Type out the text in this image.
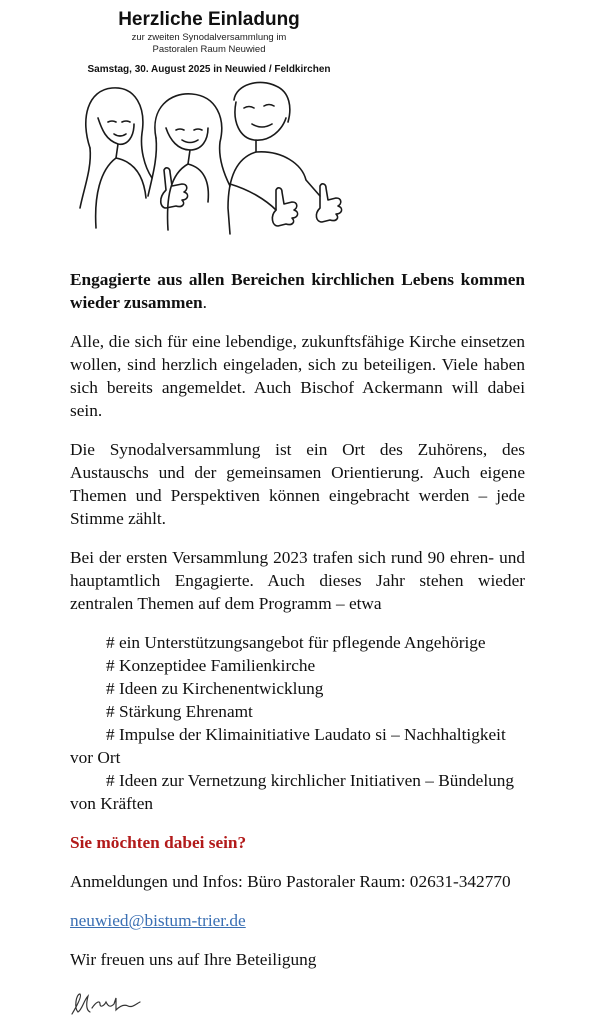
Herzliche Einladung
zur zweiten Synodalversammlung im
Pastoralen Raum Neuwied
Samstag, 30. August 2025 in Neuwied / Feldkirchen

Engagierte aus allen Bereichen kirchlichen Lebens kommen wieder zusammen.

Alle, die sich für eine lebendige, zukunftsfähige Kirche einsetzen wollen, sind herzlich eingeladen, sich zu beteiligen. Viele haben sich bereits angemeldet. Auch Bischof Ackermann will dabei sein.

Die Synodalversammlung ist ein Ort des Zuhörens, des Austauschs und der gemeinsamen Orientierung. Auch eigene Themen und Perspektiven können eingebracht werden – jede Stimme zählt.

Bei der ersten Versammlung 2023 trafen sich rund 90 ehren- und hauptamtlich Engagierte. Auch dieses Jahr stehen wieder zentralen Themen auf dem Programm – etwa

# ein Unterstützungsangebot für pflegende Angehörige
# Konzeptidee Familienkirche
# Ideen zu Kirchenentwicklung
# Stärkung Ehrenamt
# Impulse der Klimainitiative Laudato si – Nachhaltigkeit vor Ort
# Ideen zur Vernetzung kirchlicher Initiativen – Bündelung von Kräften

Sie möchten dabei sein?

Anmeldungen und Infos: Büro Pastoraler Raum: 02631-342770

neuwied@bistum-trier.de

Wir freuen uns auf Ihre Beteiligung
